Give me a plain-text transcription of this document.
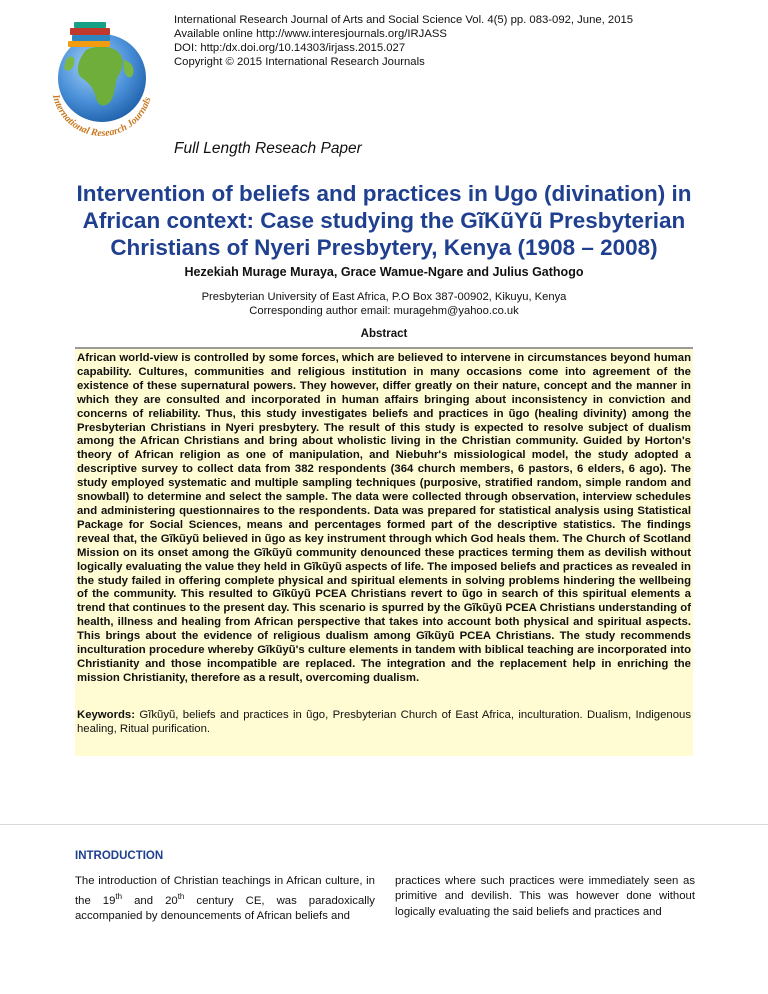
International Research Journals
International Research Journal of Arts and Social Science Vol. 4(5) pp. 083-092, June, 2015
Available online http://www.interesjournals.org/IRJASS
DOI: http:/dx.doi.org/10.14303/irjass.2015.027
Copyright © 2015 International Research Journals
Full Length Reseach Paper
Intervention of beliefs and practices in Ugo (divination) in
African context: Case studying the GĩKũYũ Presbyterian
Christians of Nyeri Presbytery, Kenya (1908 – 2008)
Hezekiah Murage Muraya, Grace Wamue-Ngare and Julius Gathogo
Presbyterian University of East Africa, P.O Box 387-00902, Kikuyu, Kenya
Corresponding author email: muragehm@yahoo.co.uk
Abstract

African world-view is controlled by some forces, which are believed to intervene in circumstances beyond human capability. Cultures, communities and religious institution in many occasions come into agreement of the existence of these supernatural powers. They however, differ greatly on their nature, concept and the manner in which they are consulted and incorporated in human affairs bringing about inconsistency in conviction and concerns of reliability. Thus, this study investigates beliefs and practices in ũgo (healing divinity) among the Presbyterian Christians in Nyeri presbytery. The result of this study is expected to resolve subject of dualism among the African Christians and bring about wholistic living in the Christian community. Guided by Horton's theory of African religion as one of manipulation, and Niebuhr's missiological model, the study adopted a descriptive survey to collect data from 382 respondents (364 church members, 6 pastors, 6 elders, 6 ago). The study employed systematic and multiple sampling techniques (purposive, stratified random, simple random and snowball) to determine and select the sample. The data were collected through observation, interview schedules and administering questionnaires to the respondents. Data was prepared for statistical analysis using Statistical Package for Social Sciences, means and percentages formed part of the descriptive statistics. The findings reveal that, the Gĩkũyũ believed in ũgo as key instrument through which God heals them. The Church of Scotland Mission on its onset among the Gĩkũyũ community denounced these practices terming them as devilish without logically evaluating the value they held in Gĩkũyũ aspects of life. The imposed beliefs and practices as revealed in the study failed in offering complete physical and spiritual elements in solving problems hindering the wellbeing of the community. This resulted to Gĩkũyũ PCEA Christians revert to ũgo in search of this spiritual elements a trend that continues to the present day. This scenario is spurred by the Gĩkũyũ PCEA Christians understanding of health, illness and healing from African perspective that takes into account both physical and spiritual aspects. This brings about the evidence of religious dualism among Gĩkũyũ PCEA Christians. The study recommends inculturation procedure whereby Gĩkũyũ's culture elements in tandem with biblical teaching are incorporated into Christianity and those incompatible are replaced. The integration and the replacement help in enriching the mission Christianity, therefore as a result, overcoming dualism.

Keywords: Gĩkũyũ, beliefs and practices in ũgo, Presbyterian Church of East Africa, inculturation. Dualism, Indigenous healing, Ritual purification.
INTRODUCTION
The introduction of Christian teachings in African culture, in the 19th and 20th century CE, was paradoxically accompanied by denouncements of African beliefs and
practices where such practices were immediately seen as primitive and devilish. This was however done without logically evaluating the said beliefs and practices and
